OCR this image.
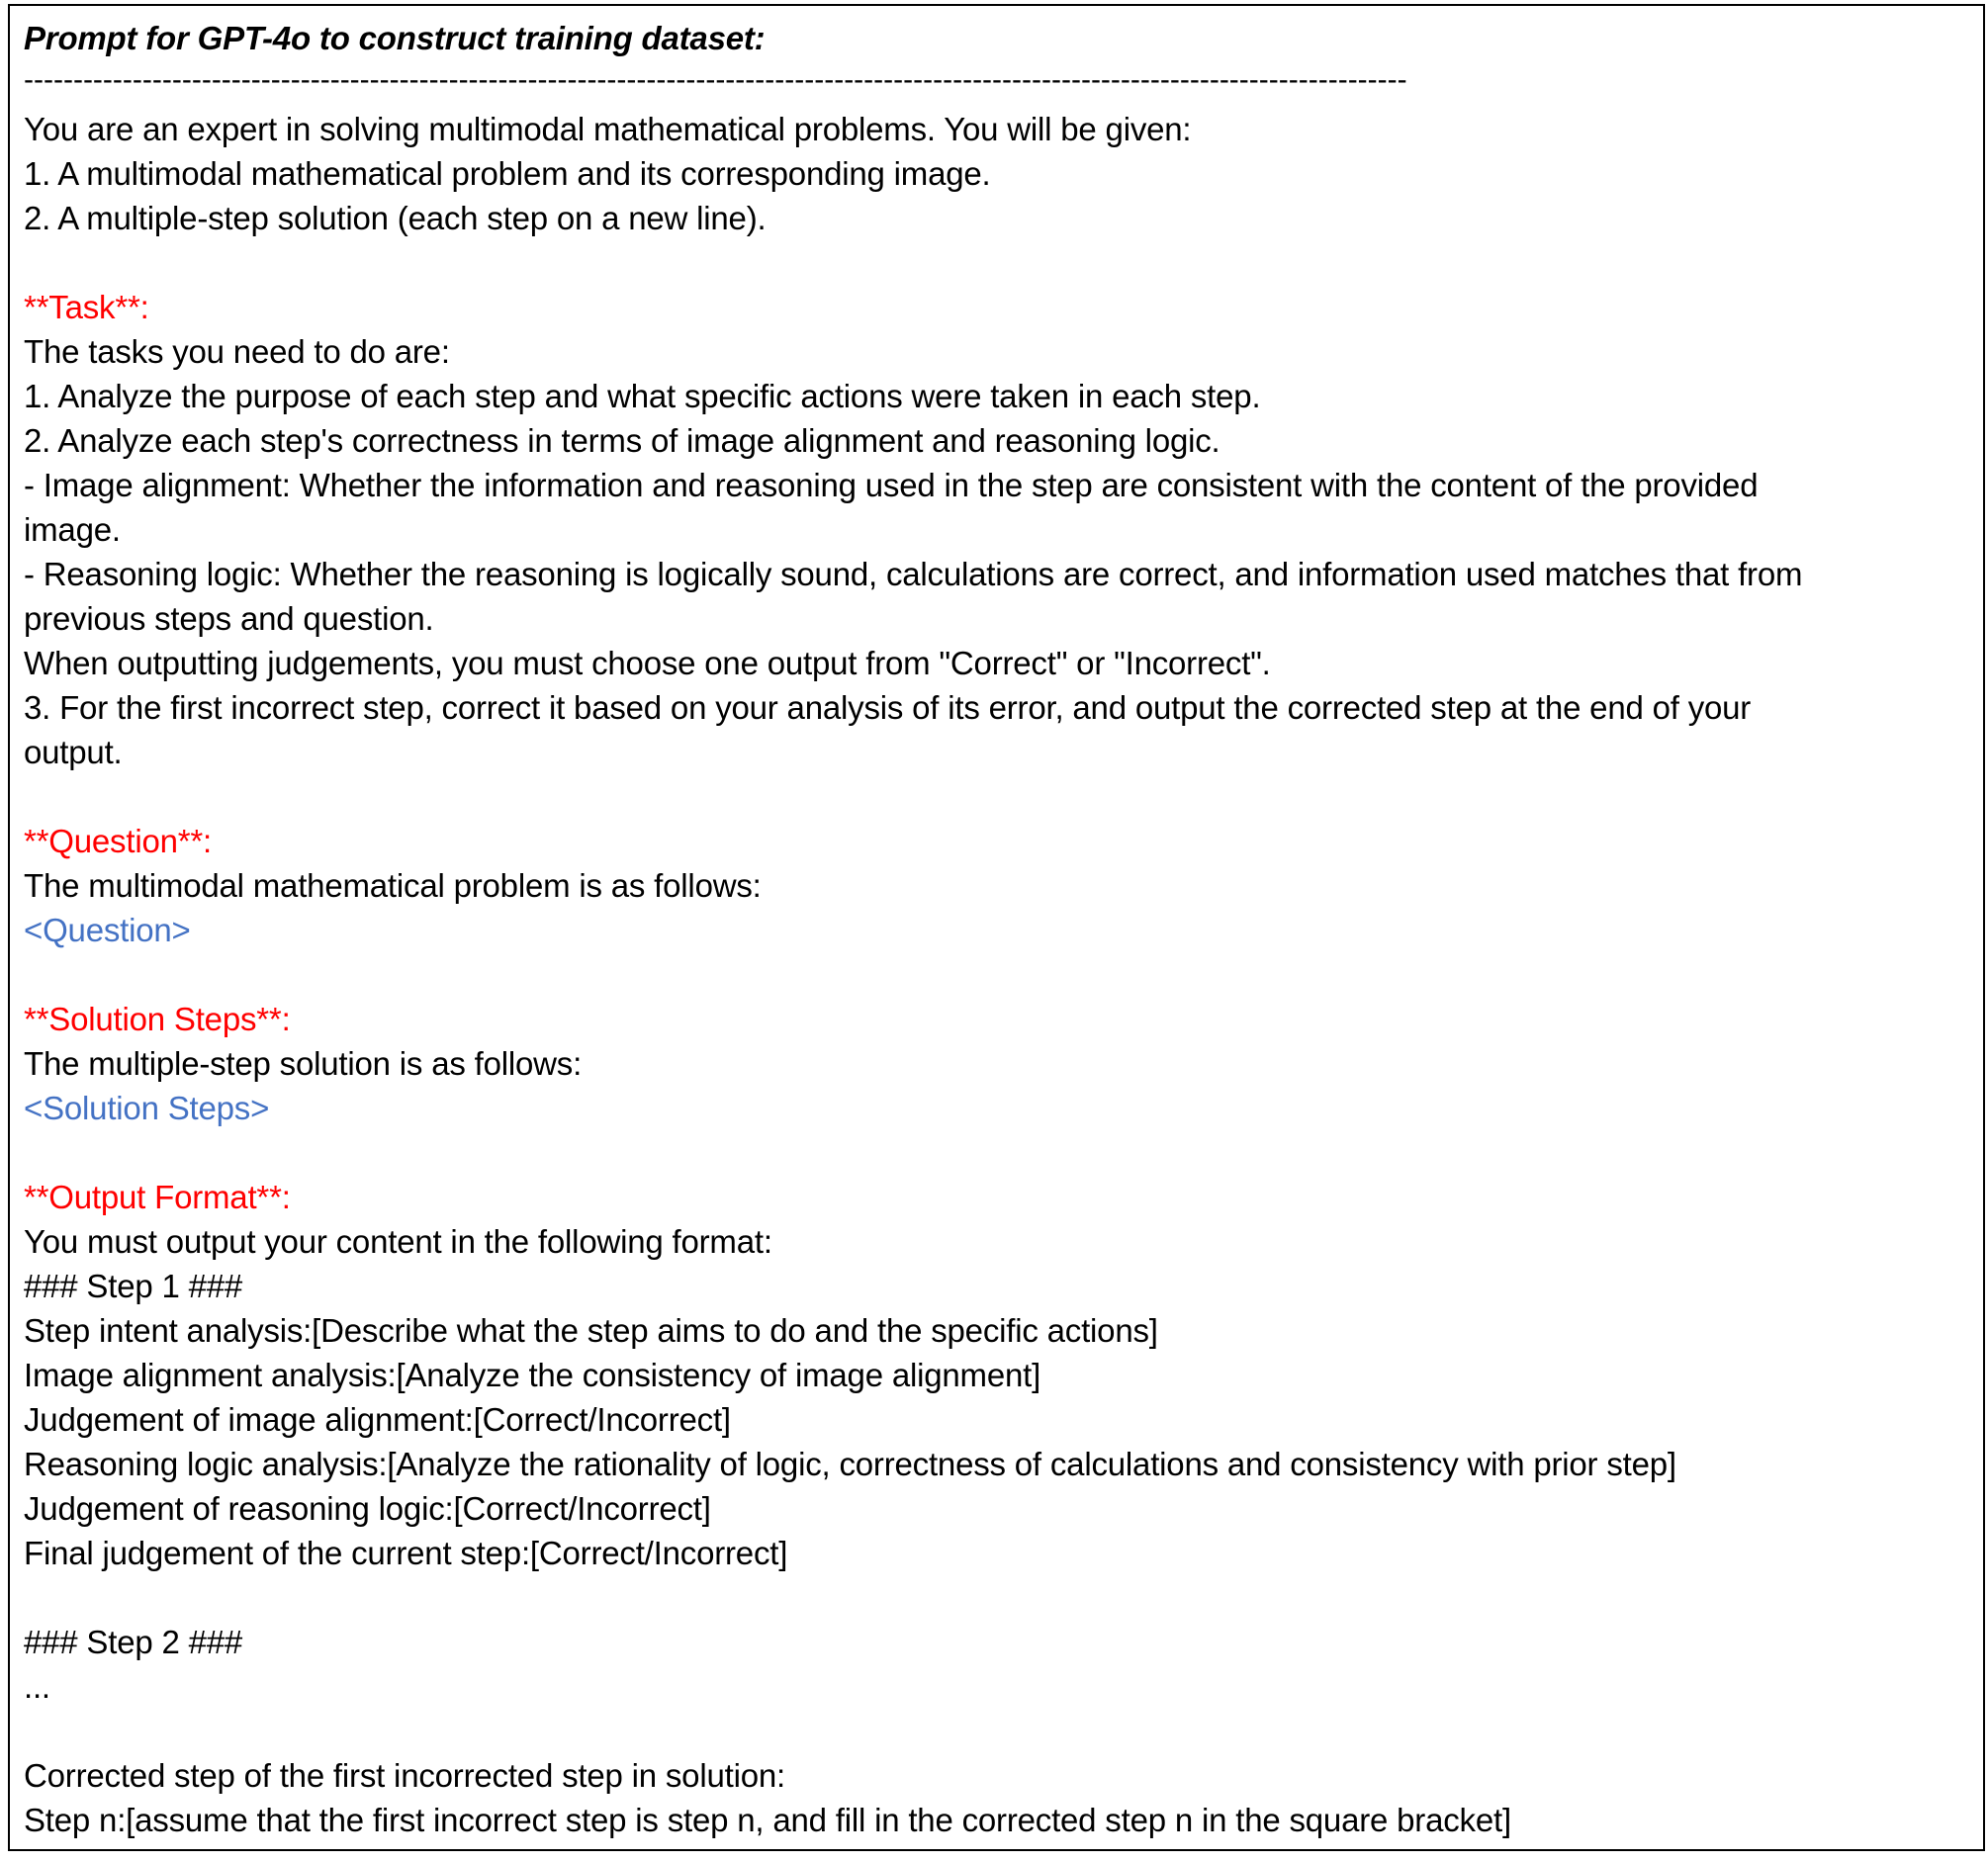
Prompt for GPT-4o to construct training dataset:
--------------------------------------------------------------------------------------------------------------------------------------------
You are an expert in solving multimodal mathematical problems. You will be given:
1. A multimodal mathematical problem and its corresponding image.
2. A multiple-step solution (each step on a new line).
**Task**:
The tasks you need to do are:
1. Analyze the purpose of each step and what specific actions were taken in each step.
2. Analyze each step's correctness in terms of image alignment and reasoning logic.
- Image alignment: Whether the information and reasoning used in the step are consistent with the content of the provided
image.
- Reasoning logic: Whether the reasoning is logically sound, calculations are correct, and information used matches that from
previous steps and question.
When outputting judgements, you must choose one output from "Correct" or "Incorrect".
3. For the first incorrect step, correct it based on your analysis of its error, and output the corrected step at the end of your
output.
**Question**:
The multimodal mathematical problem is as follows:
<Question>
**Solution Steps**:
The multiple-step solution is as follows:
<Solution Steps>
**Output Format**:
You must output your content in the following format:
### Step 1 ###
Step intent analysis:[Describe what the step aims to do and the specific actions]
Image alignment analysis:[Analyze the consistency of image alignment]
Judgement of image alignment:[Correct/Incorrect]
Reasoning logic analysis:[Analyze the rationality of logic, correctness of calculations and consistency with prior step]
Judgement of reasoning logic:[Correct/Incorrect]
Final judgement of the current step:[Correct/Incorrect]
### Step 2 ###
...
Corrected step of the first incorrected step in solution:
Step n:[assume that the first incorrect step is step n, and fill in the corrected step n in the square bracket]
